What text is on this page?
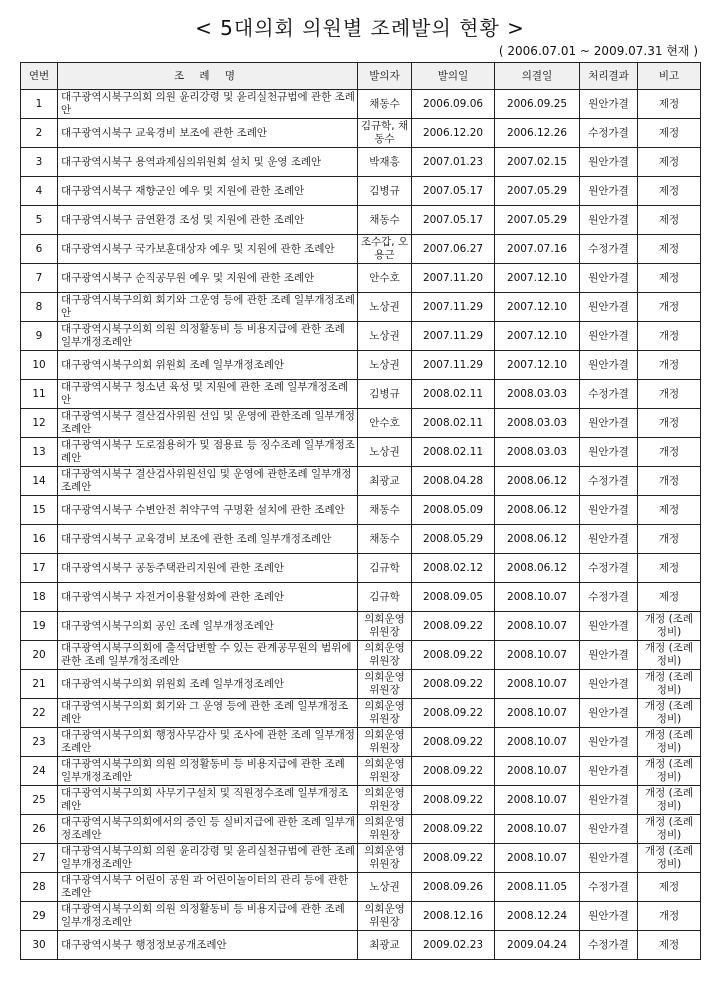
< 5대의회 의원별 조례발의 현황 >
( 2006.07.01 ~ 2009.07.31 현재 )
연번	조 례 명	발의자	발의일	의결일	처리결과	비고
1	대구광역시북구의회 의원 윤리강령 및 윤리실천규범에 관한 조례안	채동수	2006.09.06	2006.09.25	원안가결	제정
2	대구광역시북구 교육경비 보조에 관한 조례안	김규학, 채동수	2006.12.20	2006.12.26	수정가결	제정
3	대구광역시북구 용역과제심의위원회 설치 및 운영 조례안	박재흥	2007.01.23	2007.02.15	원안가결	제정
4	대구광역시북구 재향군인 예우 및 지원에 관한 조례안	김병규	2007.05.17	2007.05.29	원안가결	제정
5	대구광역시북구 금연환경 조성 및 지원에 관한 조례안	채동수	2007.05.17	2007.05.29	원안가결	제정
6	대구광역시북구 국가보훈대상자 예우 및 지원에 관한 조례안	조수갑, 오용근	2007.06.27	2007.07.16	수정가결	제정
7	대구광역시북구 순직공무원 예우 및 지원에 관한 조례안	안수호	2007.11.20	2007.12.10	원안가결	제정
8	대구광역시북구의회 회기와 그운영 등에 관한 조례 일부개정조례안	노상권	2007.11.29	2007.12.10	원안가결	개정
9	대구광역시북구의회 의원 의정활동비 등 비용지급에 관한 조례 일부개정조례안	노상권	2007.11.29	2007.12.10	원안가결	개정
10	대구광역시북구의회 위원회 조례 일부개정조례안	노상권	2007.11.29	2007.12.10	원안가결	개정
11	대구광역시북구 청소년 육성 및 지원에 관한 조례 일부개정조례안	김병규	2008.02.11	2008.03.03	수정가결	개정
12	대구광역시북구 결산검사위원 선임 및 운영에 관한조례 일부개정조례안	안수호	2008.02.11	2008.03.03	원안가결	개정
13	대구광역시북구 도로점용허가 및 점용료 등 징수조례 일부개정조례안	노상권	2008.02.11	2008.03.03	원안가결	개정
14	대구광역시북구 결산검사위원선임 및 운영에 관한조례 일부개정조례안	최광교	2008.04.28	2008.06.12	수정가결	개정
15	대구광역시북구 수변안전 취약구역 구명환 설치에 관한 조례안	채동수	2008.05.09	2008.06.12	원안가결	제정
16	대구광역시북구 교육경비 보조에 관한 조례 일부개정조례안	채동수	2008.05.29	2008.06.12	원안가결	개정
17	대구광역시북구 공동주택관리지원에 관한 조례안	김규학	2008.02.12	2008.06.12	수정가결	제정
18	대구광역시북구 자전거이용활성화에 관한 조례안	김규학	2008.09.05	2008.10.07	수정가결	제정
19	대구광역시북구의회 공인 조례 일부개정조례안	의회운영위원장	2008.09.22	2008.10.07	원안가결	개정 (조례정비)
20	대구광역시북구의회에 출석답변할 수 있는 관계공무원의 범위에 관한 조례 일부개정조례안	의회운영위원장	2008.09.22	2008.10.07	원안가결	개정 (조례정비)
21	대구광역시북구의회 위원회 조례 일부개정조례안	의회운영위원장	2008.09.22	2008.10.07	원안가결	개정 (조례정비)
22	대구광역시북구의회 회기와 그 운영 등에 관한 조례 일부개정조례안	의회운영위원장	2008.09.22	2008.10.07	원안가결	개정 (조례정비)
23	대구광역시북구의회 행정사무감사 및 조사에 관한 조례 일부개정조례안	의회운영위원장	2008.09.22	2008.10.07	원안가결	개정 (조례정비)
24	대구광역시북구의회 의원 의정활동비 등 비용지급에 관한 조례 일부개정조례안	의회운영위원장	2008.09.22	2008.10.07	원안가결	개정 (조례정비)
25	대구광역시북구의회 사무기구설치 및 직원정수조례 일부개정조례안	의회운영위원장	2008.09.22	2008.10.07	원안가결	개정 (조례정비)
26	대구광역시북구의회에서의 증인 등 실비지급에 관한 조례 일부개정조례안	의회운영위원장	2008.09.22	2008.10.07	원안가결	개정 (조례정비)
27	대구광역시북구의회 의원 윤리강령 및 윤리실천규범에 관한 조례 일부개정조례안	의회운영위원장	2008.09.22	2008.10.07	원안가결	개정 (조례정비)
28	대구광역시북구 어린이 공원 과 어린이놀이터의 관리 등에 관한 조례안	노상권	2008.09.26	2008.11.05	수정가결	제정
29	대구광역시북구의회 의원 의정활동비 등 비용지급에 관한 조례 일부개정조례안	의회운영위원장	2008.12.16	2008.12.24	원안가결	개정
30	대구광역시북구 행정정보공개조례안	최광교	2009.02.23	2009.04.24	수정가결	제정
